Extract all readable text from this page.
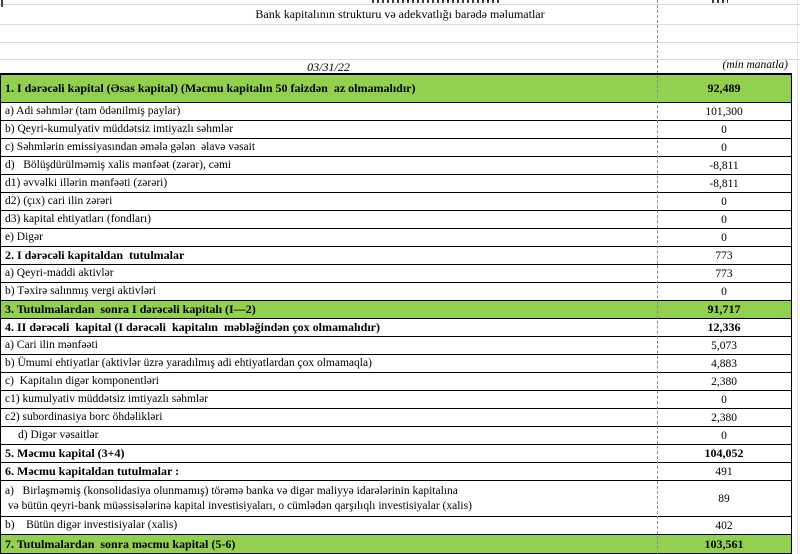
Bank kapitalının strukturu və adekvatlığı barədə məlumatlar
03/31/22	(min manatla)
1. I dərəcəli kapital (Əsas kapital) (Məcmu kapitalın 50 faizdən  az olmamalıdır)	92,489
a) Adi səhmlər (tam ödənilmiş paylar)	101,300
b) Qeyri-kumulyativ müddətsiz imtiyazlı səhmlər	0
c) Səhmlərin emissiyasından əmələ gələn  əlavə vəsait	0
d)   Bölüşdürülməmiş xalis mənfəət (zərər), cəmi	-8,811
d1) əvvəlki illərin mənfəəti (zərəri)	-8,811
d2) (çıx) cari ilin zərəri	0
d3) kapital ehtiyatları (fondları)	0
e) Digər	0
2. I dərəcəli kapitaldan  tutulmalar	773
a) Qeyri-maddi aktivlər	773
b) Təxirə salınmış vergi aktivləri	0
3. Tutulmalardan  sonra I dərəcəli kapitalı (I—2)	91,717
4. II dərəcəli  kapital (I dərəcəli  kapitalın  məbləğindən çox olmamalıdır)	12,336
a) Cari ilin mənfəəti	5,073
b) Ümumi ehtiyatlar (aktivlər üzrə yaradılmış adi ehtiyatlardan çox olmamaqla)	4,883
c)  Kapitalın digər komponentləri	2,380
c1) kumulyativ müddətsiz imtiyazlı səhmlər	0
c2) subordinasiya borc öhdəlikləri	2,380
d) Digər vəsaitlər	0
5. Məcmu kapital (3+4)	104,052
6. Məcmu kapitaldan tutulmalar :	491
a)   Birləşməmiş (konsolidasiya olunmamış) törəmə banka və digər maliyyə idarələrinin kapitalına
və bütün qeyri-bank müəssisələrinə kapital investisiyaları, o cümlədən qarşılıqlı investisiyalar (xalis)
89
b)    Bütün digər investisiyalar (xalis)	402
7. Tutulmalardan  sonra məcmu kapital (5-6)	103,561
